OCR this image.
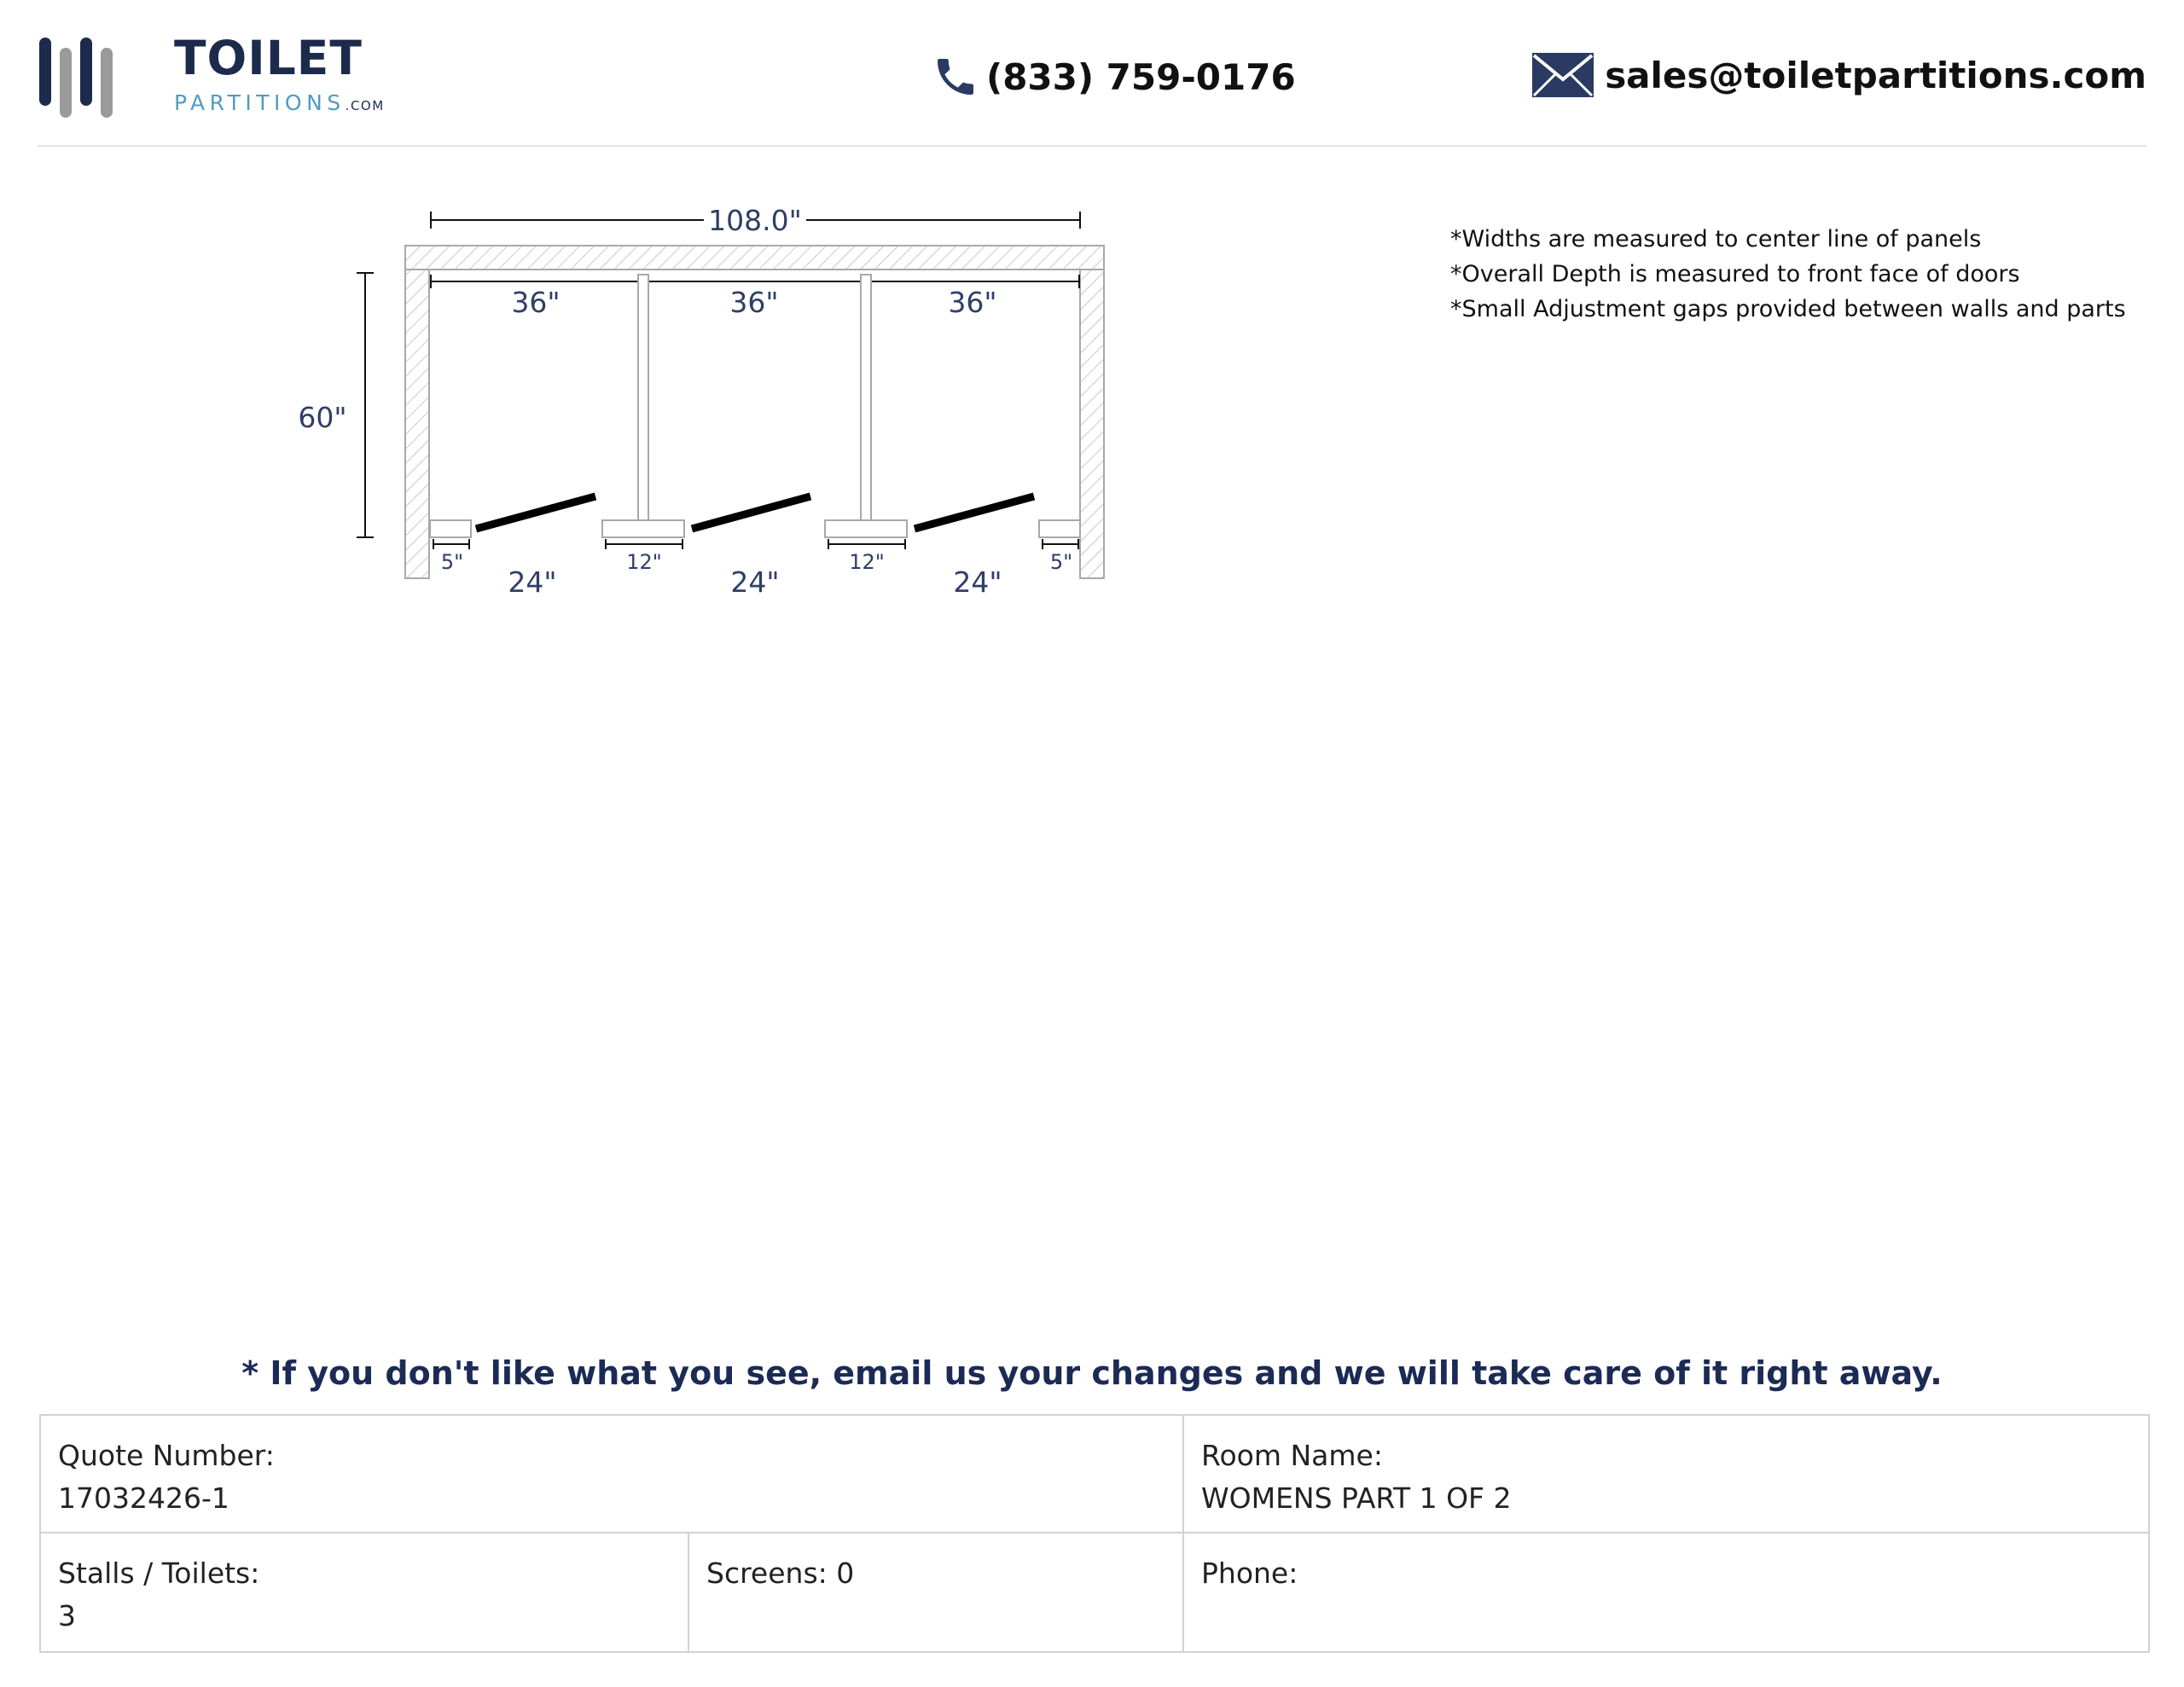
TOILET
PARTITIONS.COM
(833) 759-0176	sales@toiletpartitions.com
108.0"
36"	36"	36"
60"
5"	12"	12"	5"
24"	24"	24"
*Widths are measured to center line of panels
*Overall Depth is measured to front face of doors
*Small Adjustment gaps provided between walls and parts
* If you don't like what you see, email us your changes and we will take care of it right away.
Quote Number:
17032426-1
Room Name:
WOMENS PART 1 OF 2
Stalls / Toilets:
3
Screens: 0	Phone:
